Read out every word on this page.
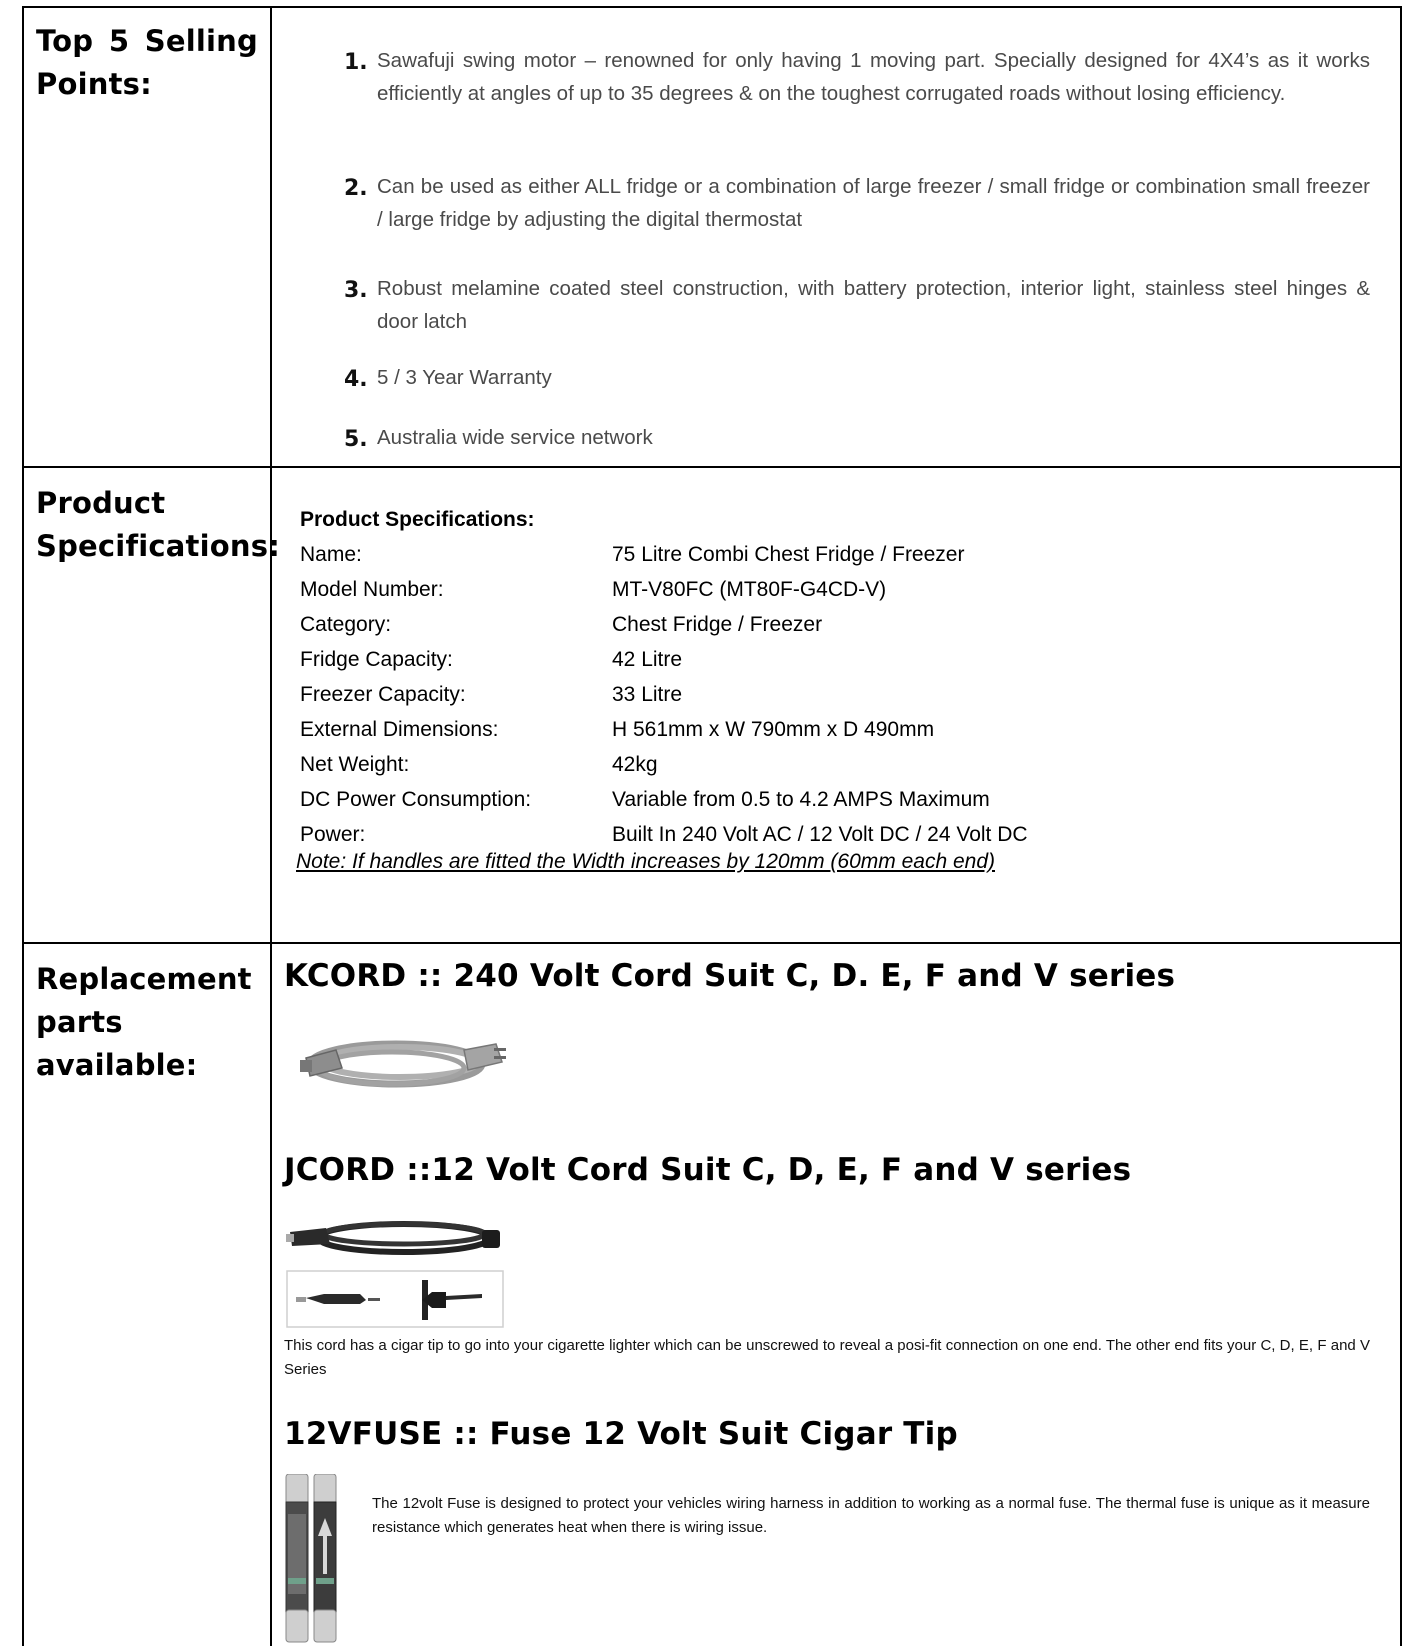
Top 5 Selling Points:
1. Sawafuji swing motor – renowned for only having 1 moving part. Specially designed for 4X4’s as it works efficiently at angles of up to 35 degrees & on the toughest corrugated roads without losing efficiency.
2. Can be used as either ALL fridge or a combination of large freezer / small fridge or combination small freezer / large fridge by adjusting the digital thermostat
3. Robust melamine coated steel construction, with battery protection, interior light, stainless steel hinges & door latch
4. 5 / 3 Year Warranty
5. Australia wide service network
Product Specifications:
Product Specifications:
Name:	75 Litre Combi Chest Fridge / Freezer
Model Number:	MT-V80FC (MT80F-G4CD-V)
Category:	Chest Fridge / Freezer
Fridge Capacity:	42 Litre
Freezer Capacity:	33 Litre
External Dimensions:	H 561mm x W 790mm x D 490mm
Net Weight:	42kg
DC Power Consumption:	Variable from 0.5 to 4.2 AMPS Maximum
Power:	Built In 240 Volt AC / 12 Volt DC / 24 Volt DC
Note: If handles are fitted the Width increases by 120mm (60mm each end)
Replacement parts available:
KCORD :: 240 Volt Cord Suit C, D. E, F and V series
JCORD ::12 Volt Cord Suit C, D, E, F and V series
This cord has a cigar tip to go into your cigarette lighter which can be unscrewed to reveal a posi-fit connection on one end. The other end fits your C, D, E, F and V Series
12VFUSE :: Fuse 12 Volt Suit Cigar Tip
The 12volt Fuse is designed to protect your vehicles wiring harness in addition to working as a normal fuse. The thermal fuse is unique as it measure resistance which generates heat when there is wiring issue.
